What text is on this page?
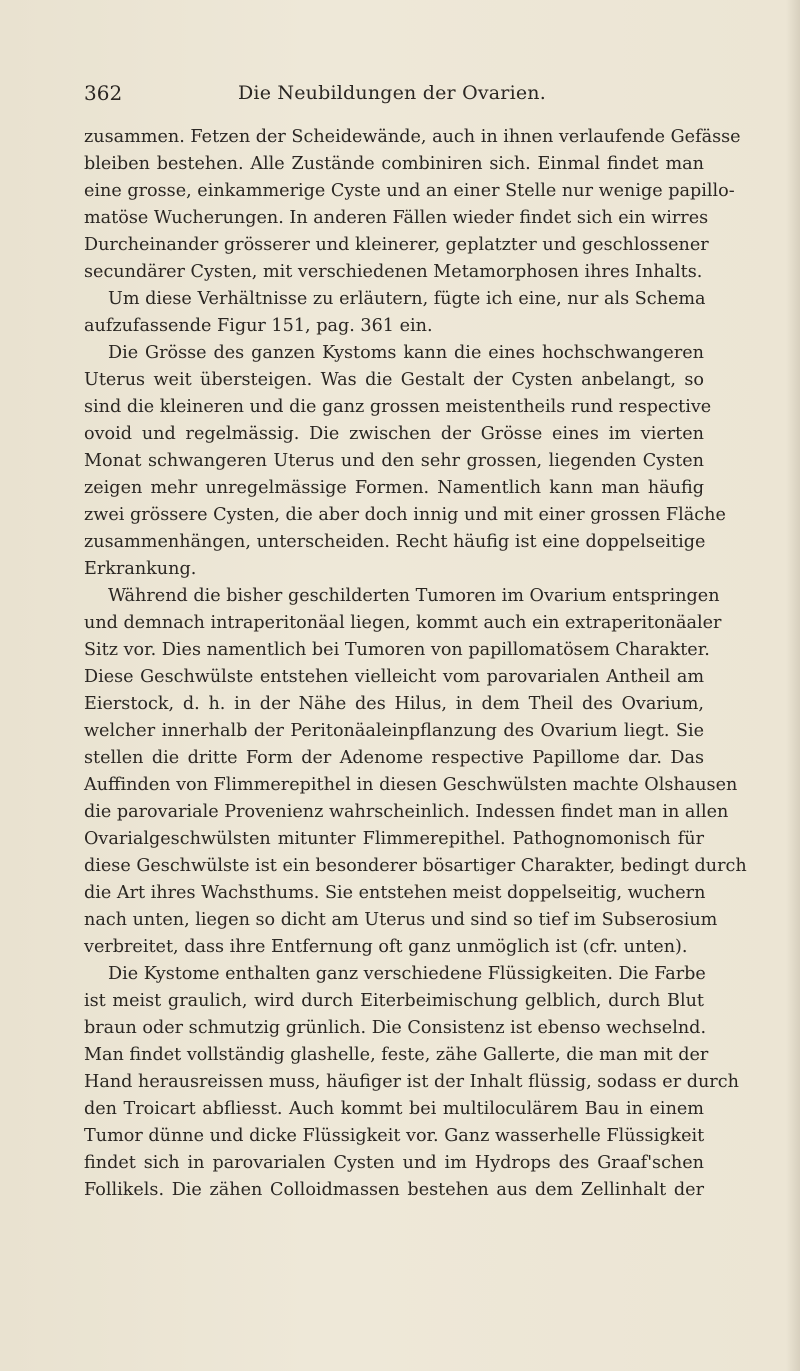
362	Die Neubildungen der Ovarien.
zusammen. Fetzen der Scheidewände, auch in ihnen verlaufende Gefässe
bleiben bestehen. Alle Zustände combiniren sich. Einmal findet man
eine grosse, einkammerige Cyste und an einer Stelle nur wenige papillo-
matöse Wucherungen. In anderen Fällen wieder findet sich ein wirres
Durcheinander grösserer und kleinerer, geplatzter und geschlossener
secundärer Cysten, mit verschiedenen Metamorphosen ihres Inhalts.
Um diese Verhältnisse zu erläutern, fügte ich eine, nur als Schema
aufzufassende Figur 151, pag. 361 ein.
Die Grösse des ganzen Kystoms kann die eines hochschwangeren
Uterus weit übersteigen. Was die Gestalt der Cysten anbelangt, so
sind die kleineren und die ganz grossen meistentheils rund respective
ovoid und regelmässig. Die zwischen der Grösse eines im vierten
Monat schwangeren Uterus und den sehr grossen, liegenden Cysten
zeigen mehr unregelmässige Formen. Namentlich kann man häufig
zwei grössere Cysten, die aber doch innig und mit einer grossen Fläche
zusammenhängen, unterscheiden. Recht häufig ist eine doppelseitige
Erkrankung.
Während die bisher geschilderten Tumoren im Ovarium entspringen
und demnach intraperitonäal liegen, kommt auch ein extraperitonäaler
Sitz vor. Dies namentlich bei Tumoren von papillomatösem Charakter.
Diese Geschwülste entstehen vielleicht vom parovarialen Antheil am
Eierstock, d. h. in der Nähe des Hilus, in dem Theil des Ovarium,
welcher innerhalb der Peritonäaleinpflanzung des Ovarium liegt. Sie
stellen die dritte Form der Adenome respective Papillome dar. Das
Auffinden von Flimmerepithel in diesen Geschwülsten machte Olshausen
die parovariale Provenienz wahrscheinlich. Indessen findet man in allen
Ovarialgeschwülsten mitunter Flimmerepithel. Pathognomonisch für
diese Geschwülste ist ein besonderer bösartiger Charakter, bedingt durch
die Art ihres Wachsthums. Sie entstehen meist doppelseitig, wuchern
nach unten, liegen so dicht am Uterus und sind so tief im Subserosium
verbreitet, dass ihre Entfernung oft ganz unmöglich ist (cfr. unten).
Die Kystome enthalten ganz verschiedene Flüssigkeiten. Die Farbe
ist meist graulich, wird durch Eiterbeimischung gelblich, durch Blut
braun oder schmutzig grünlich. Die Consistenz ist ebenso wechselnd.
Man findet vollständig glashelle, feste, zähe Gallerte, die man mit der
Hand herausreissen muss, häufiger ist der Inhalt flüssig, sodass er durch
den Troicart abfliesst. Auch kommt bei multiloculärem Bau in einem
Tumor dünne und dicke Flüssigkeit vor. Ganz wasserhelle Flüssigkeit
findet sich in parovarialen Cysten und im Hydrops des Graaf'schen
Follikels. Die zähen Colloidmassen bestehen aus dem Zellinhalt der
